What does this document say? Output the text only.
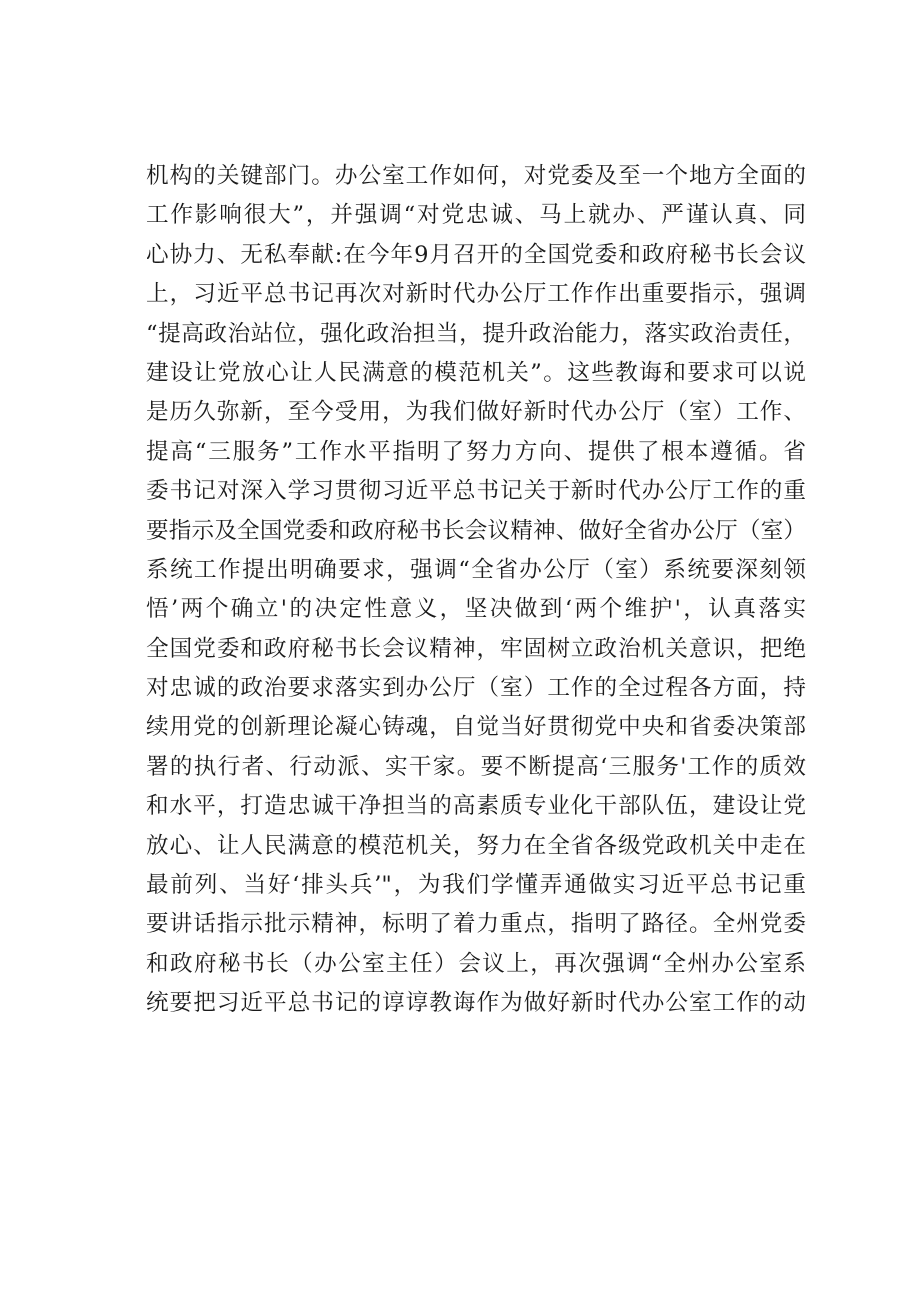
机构的关键部门。办公室工作如何，对党委及至一个地方全面的
工作影响很大”，并强调“对党忠诚、马上就办、严谨认真、同
心协力、无私奉献:在今年9月召开的全国党委和政府秘书长会议
上，习近平总书记再次对新时代办公厅工作作出重要指示，强调
“提高政治站位，强化政治担当，提升政治能力，落实政治责任，
建设让党放心让人民满意的模范机关”。这些教诲和要求可以说
是历久弥新，至今受用，为我们做好新时代办公厅（室）工作、
提高“三服务”工作水平指明了努力方向、提供了根本遵循。省
委书记对深入学习贯彻习近平总书记关于新时代办公厅工作的重
要指示及全国党委和政府秘书长会议精神、做好全省办公厅（室）
系统工作提出明确要求，强调“全省办公厅（室）系统要深刻领
悟’两个确立'的决定性意义，坚决做到‘两个维护'，认真落实
全国党委和政府秘书长会议精神，牢固树立政治机关意识，把绝
对忠诚的政治要求落实到办公厅（室）工作的全过程各方面，持
续用党的创新理论凝心铸魂，自觉当好贯彻党中央和省委决策部
署的执行者、行动派、实干家。要不断提高‘三服务'工作的质效
和水平，打造忠诚干净担当的高素质专业化干部队伍，建设让党
放心、让人民满意的模范机关，努力在全省各级党政机关中走在
最前列、当好‘排头兵’"，为我们学懂弄通做实习近平总书记重
要讲话指示批示精神，标明了着力重点，指明了路径。全州党委
和政府秘书长（办公室主任）会议上，再次强调“全州办公室系
统要把习近平总书记的谆谆教诲作为做好新时代办公室工作的动
